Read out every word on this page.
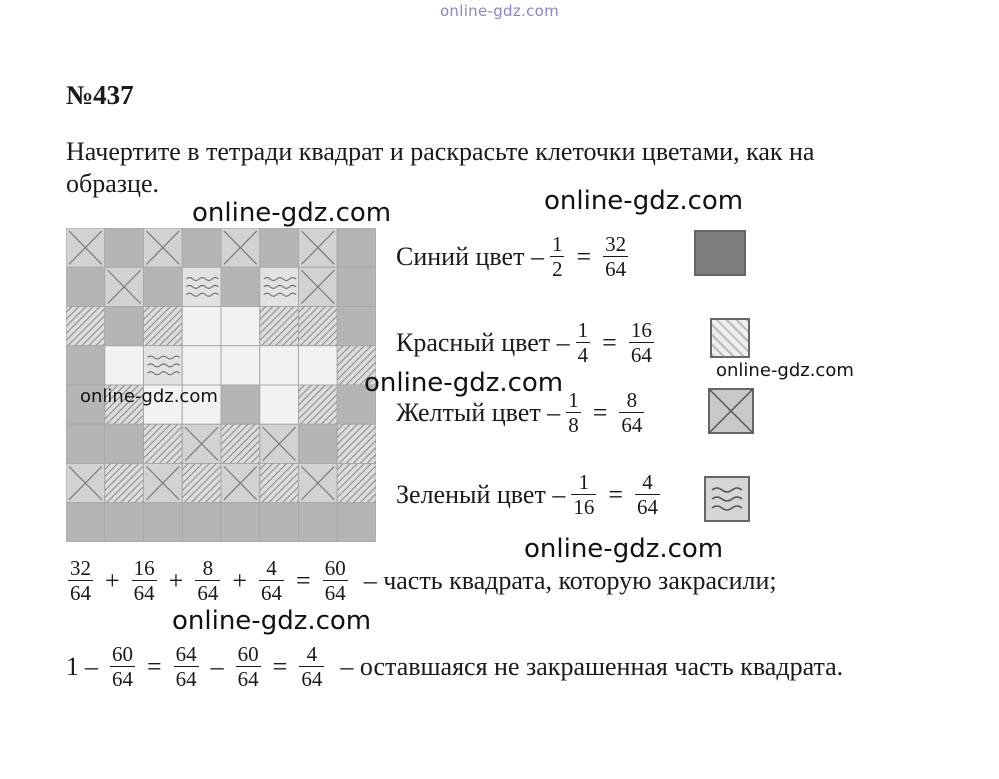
online-gdz.com
№437
Начертите в тетради квадрат и раскрасьте клеточки цветами, как на образце.
Синий цвет – $\frac{1}{2} = \frac{32}{64}$
Красный цвет – $\frac{1}{4} = \frac{16}{64}$
Желтый цвет – $\frac{1}{8} = \frac{8}{64}$
Зеленый цвет – $\frac{1}{16} = \frac{4}{64}$
$\frac{32}{64} + \frac{16}{64} + \frac{8}{64} + \frac{4}{64} = \frac{60}{64}$ – часть квадрата, которую закрасили;
$1 - \frac{60}{64} = \frac{64}{64} - \frac{60}{64} = \frac{4}{64}$ – оставшаяся не закрашенная часть квадрата.
online-gdz.com	online-gdz.com
online-gdz.com
online-gdz.com
online-gdz.com
online-gdz.com
online-gdz.com
